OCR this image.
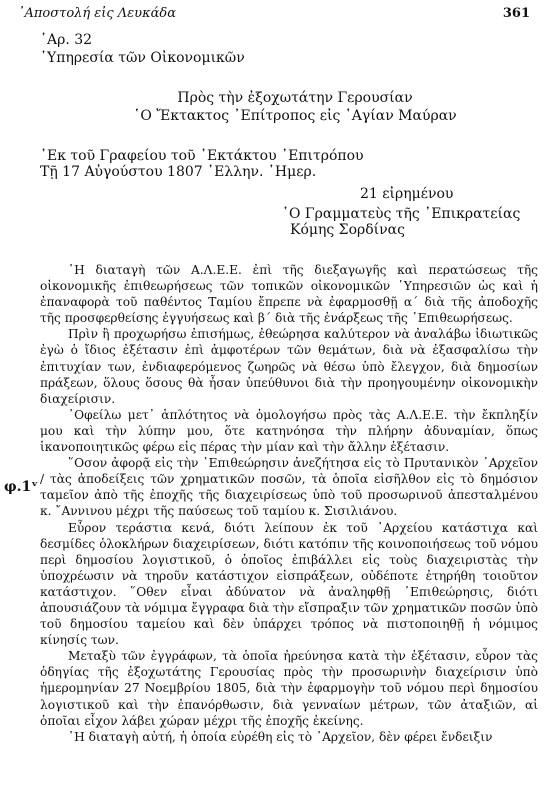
᾿Αποστολή εἰς Λευκάδα	361
᾿Αρ. 32
῾Υπηρεσία τῶν Οἰκονομικῶν
Πρὸς τὴν ἐξοχωτάτην Γερουσίαν
῾Ο Ἔκτακτος ᾿Επίτροπος εἰς ῾Αγίαν Μαύραν
᾿Εκ τοῦ Γραφείου τοῦ ᾿Εκτάκτου ᾿Επιτρόπου
Τῇ 17 Αὐγούστου 1807 ῾Ελλην. ῾Ημερ.
21 εἰρημένου
῾Ο Γραμματεὺς τῆς ᾿Επικρατείας
Κόμης Σορδίνας
φ.1ᵛ

῾Η διαταγὴ τῶν Α.Λ.Ε.Ε. ἐπὶ τῆς διεξαγωγῆς καὶ περατώσεως τῆς οἰκονομικῆς ἐπιθεωρήσεως τῶν τοπικῶν οἰκονομικῶν ῾Υπηρεσιῶν ὡς καὶ ἡ ἐπαναφορὰ τοῦ παθέντος Ταμίου ἔπρεπε νὰ ἐφαρμοσθῇ α΄ διὰ τῆς ἀποδοχῆς τῆς προσφερθείσης ἐγγυήσεως καὶ β΄ διὰ τῆς ἐνάρξεως τῆς ᾿Επιθεωρήσεως.

Πρὶν ἢ προχωρήσω ἐπισήμως, ἐθεώρησα καλύτερον νὰ ἀναλάβω ἰδιωτικῶς ἐγὼ ὁ ἴδιος ἐξέτασιν ἐπὶ ἀμφοτέρων τῶν θεμάτων, διὰ νὰ ἐξασφαλίσω τὴν ἐπιτυχίαν των, ἐνδιαφερόμενος ζωηρῶς νὰ θέσω ὑπὸ ἔλεγχον, διὰ δημοσίων πράξεων, ὅλους ὅσους θὰ ἦσαν ὑπεύθυνοι διὰ τὴν προηγουμένην οἰκονομικὴν διαχείρισιν.

᾿Οφείλω μετ᾿ ἁπλότητος νὰ ὁμολογήσω πρὸς τὰς Α.Λ.Ε.Ε. τὴν ἔκπληξίν μου καὶ τὴν λύπην μου, ὅτε κατηνόησα τὴν πλήρην ἀδυναμίαν, ὅπως ἱκανοποιητικῶς φέρω εἰς πέρας τὴν μίαν καὶ τὴν ἄλλην ἐξέτασιν.

῞Οσον ἀφορᾷ εἰς τὴν ᾿Επιθεώρησιν ἀνεζήτησα εἰς τὸ Πρυτανικὸν ᾿Αρχεῖον / τὰς ἀποδείξεις τῶν χρηματικῶν ποσῶν, τὰ ὁποῖα εἰσῆλθον εἰς τὸ δημόσιον ταμεῖον ἀπὸ τῆς ἐποχῆς τῆς διαχειρίσεως ὑπὸ τοῦ προσωρινοῦ ἀπεσταλμένου κ. ῎Αννινου μέχρι τῆς παύσεως τοῦ ταμίου κ. Σισιλιάνου.

Εὗρον τεράστια κενά, διότι λείπουν ἐκ τοῦ ᾿Αρχείου κατάστιχα καὶ δεσμίδες ὁλοκλήρων διαχειρίσεων, διότι κατόπιν τῆς κοινοποιήσεως τοῦ νόμου περὶ δημοσίου λογιστικοῦ, ὁ ὁποῖος ἐπιβάλλει εἰς τοὺς διαχειριστὰς τὴν ὑποχρέωσιν νὰ τηροῦν κατάστιχον εἰσπράξεων, οὐδέποτε ἐτηρήθη τοιοῦτον κατάστιχον. ῞Οθεν εἶναι ἀδύνατον νὰ ἀναληφθῇ ᾿Επιθεώρησις, διότι ἀπουσιάζουν τὰ νόμιμα ἔγγραφα διὰ τὴν εἴσπραξιν τῶν χρηματικῶν ποσῶν ὑπὸ τοῦ δημοσίου ταμείου καὶ δὲν ὑπάρχει τρόπος νὰ πιστοποιηθῇ ἡ νόμιμος κίνησίς των.

Μεταξὺ τῶν ἐγγράφων, τὰ ὁποῖα ἠρεύνησα κατὰ τὴν ἐξέτασιν, εὗρον τὰς ὁδηγίας τῆς ἐξοχωτάτης Γερουσίας πρὸς τὴν προσωρινὴν διαχείρισιν ὑπὸ ἡμερομηνίαν 27 Νοεμβρίου 1805, διὰ τὴν ἐφαρμογὴν τοῦ νόμου περὶ δημοσίου λογιστικοῦ καὶ τὴν ἐπανόρθωσιν, διὰ γενναίων μέτρων, τῶν ἀταξιῶν, αἱ ὁποῖαι εἶχον λάβει χώραν μέχρι τῆς ἐποχῆς ἐκείνης.

῾Η διαταγὴ αὐτή, ἡ ὁποία εὑρέθη εἰς τὸ ᾿Αρχεῖον, δὲν φέρει ἔνδειξιν
